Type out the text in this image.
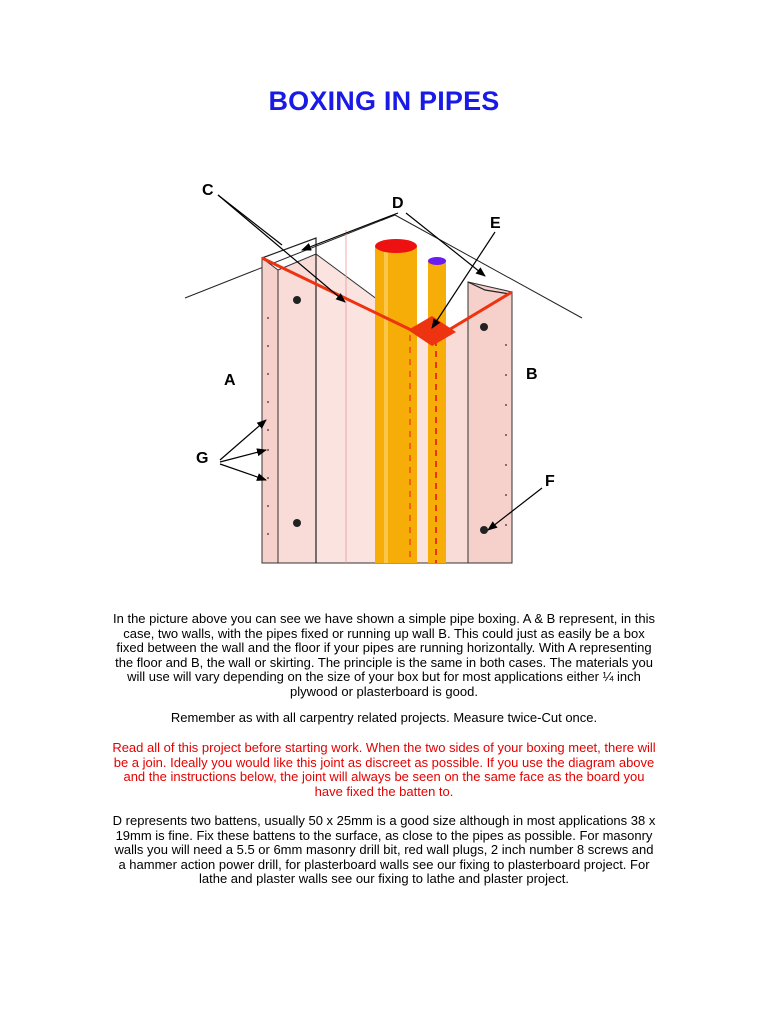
BOXING IN PIPES
C
D
E
A	B
G
F

In the picture above you can see we have shown a simple pipe boxing. A & B represent, in this case, two walls, with the pipes fixed or running up wall B. This could just as easily be a box fixed between the wall and the floor if your pipes are running horizontally. With A representing the floor and B, the wall or skirting. The principle is the same in both cases. The materials you will use will vary depending on the size of your box but for most applications either ¼ inch plywood or plasterboard is good.

Remember as with all carpentry related projects. Measure twice-Cut once.

Read all of this project before starting work. When the two sides of your boxing meet, there will be a join. Ideally you would like this joint as discreet as possible. If you use the diagram above and the instructions below, the joint will always be seen on the same face as the board you have fixed the batten to.

D represents two battens, usually 50 x 25mm is a good size although in most applications 38 x 19mm is fine. Fix these battens to the surface, as close to the pipes as possible. For masonry walls you will need a 5.5 or 6mm masonry drill bit, red wall plugs, 2 inch number 8 screws and a hammer action power drill, for plasterboard walls see our fixing to plasterboard project. For lathe and plaster walls see our fixing to lathe and plaster project.
